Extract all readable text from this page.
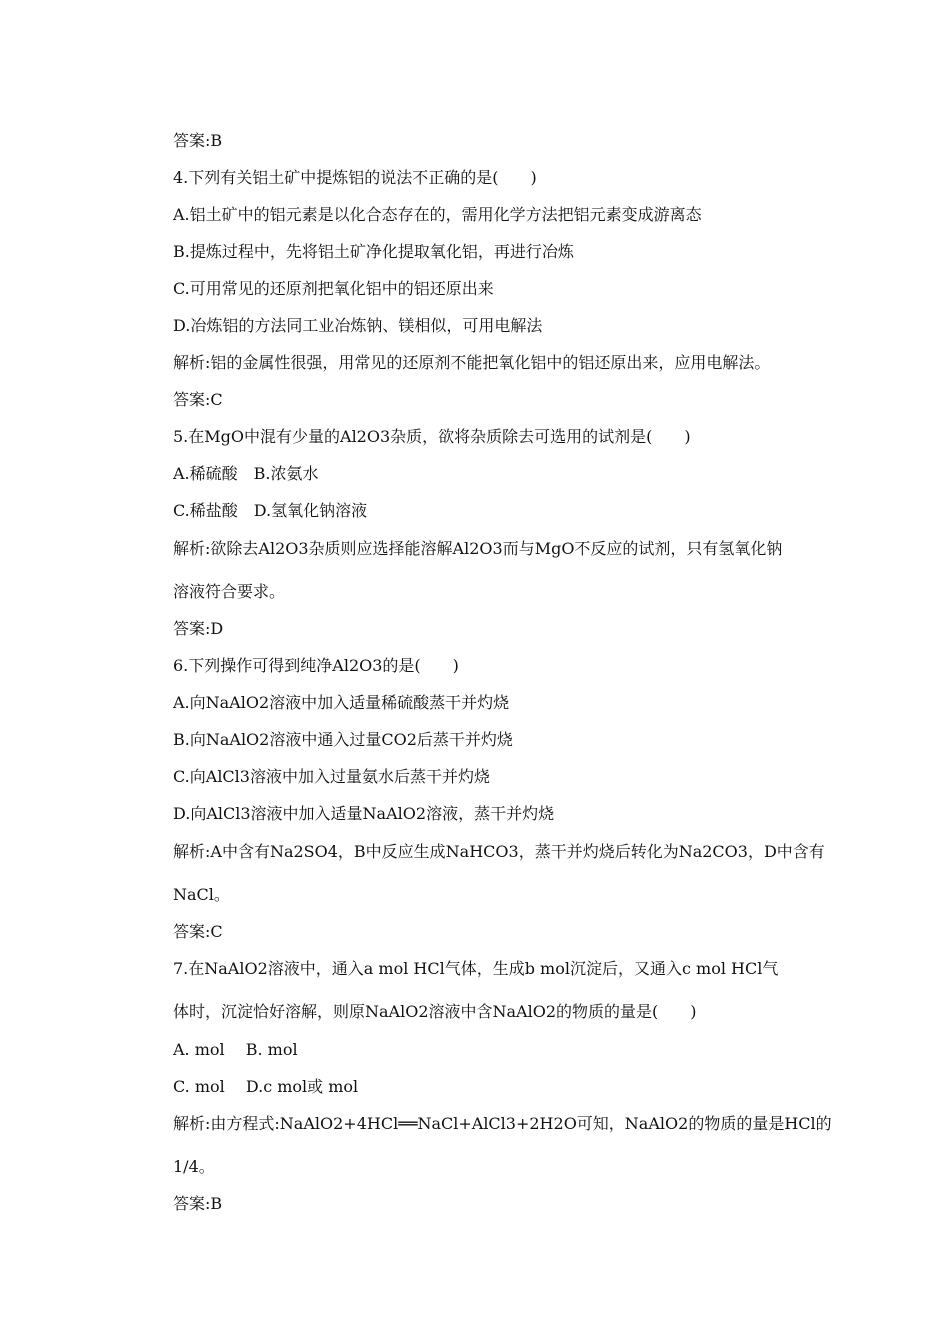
答案:B
4.下列有关铝土矿中提炼铝的说法不正确的是(　　)
A.铝土矿中的铝元素是以化合态存在的，需用化学方法把铝元素变成游离态
B.提炼过程中，先将铝土矿净化提取氧化铝，再进行冶炼
C.可用常见的还原剂把氧化铝中的铝还原出来
D.冶炼铝的方法同工业冶炼钠、镁相似，可用电解法
解析:铝的金属性很强，用常见的还原剂不能把氧化铝中的铝还原出来，应用电解法。
答案:C
5.在MgO中混有少量的Al2O3杂质，欲将杂质除去可选用的试剂是(　　)
A.稀硫酸　B.浓氨水
C.稀盐酸　D.氢氧化钠溶液
解析:欲除去Al2O3杂质则应选择能溶解Al2O3而与MgO不反应的试剂，只有氢氧化钠
溶液符合要求。
答案:D
6.下列操作可得到纯净Al2O3的是(　　)
A.向NaAlO2溶液中加入适量稀硫酸蒸干并灼烧
B.向NaAlO2溶液中通入过量CO2后蒸干并灼烧
C.向AlCl3溶液中加入过量氨水后蒸干并灼烧
D.向AlCl3溶液中加入适量NaAlO2溶液，蒸干并灼烧
解析:A中含有Na2SO4，B中反应生成NaHCO3，蒸干并灼烧后转化为Na2CO3，D中含有
NaCl。
答案:C
7.在NaAlO2溶液中，通入a mol HCl气体，生成b mol沉淀后，又通入c mol HCl气
体时，沉淀恰好溶解，则原NaAlO2溶液中含NaAlO2的物质的量是(　　)
A. mol　 B. mol
C. mol　 D.c mol或 mol
解析:由方程式:NaAlO2+4HCl══NaCl+AlCl3+2H2O可知，NaAlO2的物质的量是HCl的
1/4。
答案:B
